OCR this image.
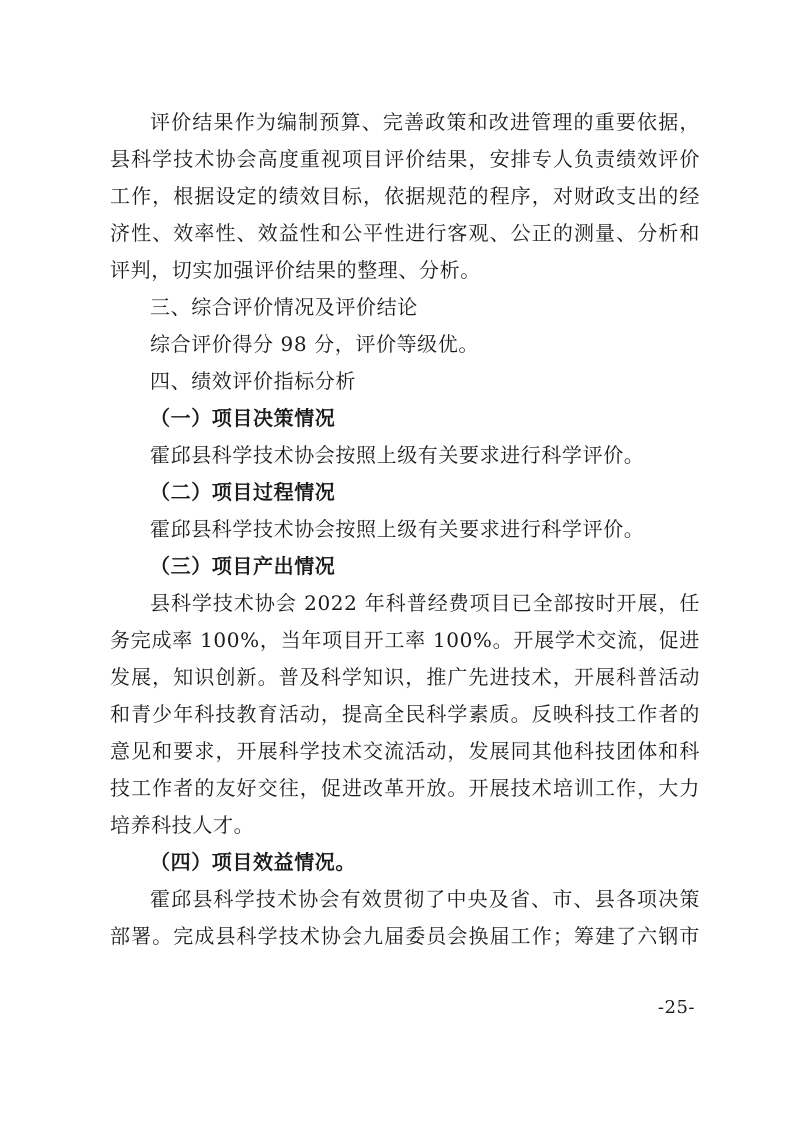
评价结果作为编制预算、完善政策和改进管理的重要依据，
县科学技术协会高度重视项目评价结果，安排专人负责绩效评价
工作，根据设定的绩效目标，依据规范的程序，对财政支出的经
济性、效率性、效益性和公平性进行客观、公正的测量、分析和
评判，切实加强评价结果的整理、分析。
三、综合评价情况及评价结论
综合评价得分 98 分，评价等级优。
四、绩效评价指标分析
（一）项目决策情况
霍邱县科学技术协会按照上级有关要求进行科学评价。
（二）项目过程情况
霍邱县科学技术协会按照上级有关要求进行科学评价。
（三）项目产出情况
县科学技术协会 2022 年科普经费项目已全部按时开展，任
务完成率 100%，当年项目开工率 100%。开展学术交流，促进
发展，知识创新。普及科学知识，推广先进技术，开展科普活动
和青少年科技教育活动，提高全民科学素质。反映科技工作者的
意见和要求，开展科学技术交流活动，发展同其他科技团体和科
技工作者的友好交往，促进改革开放。开展技术培训工作，大力
培养科技人才。
（四）项目效益情况。
霍邱县科学技术协会有效贯彻了中央及省、市、县各项决策
部署。完成县科学技术协会九届委员会换届工作；筹建了六钢市
-25-
